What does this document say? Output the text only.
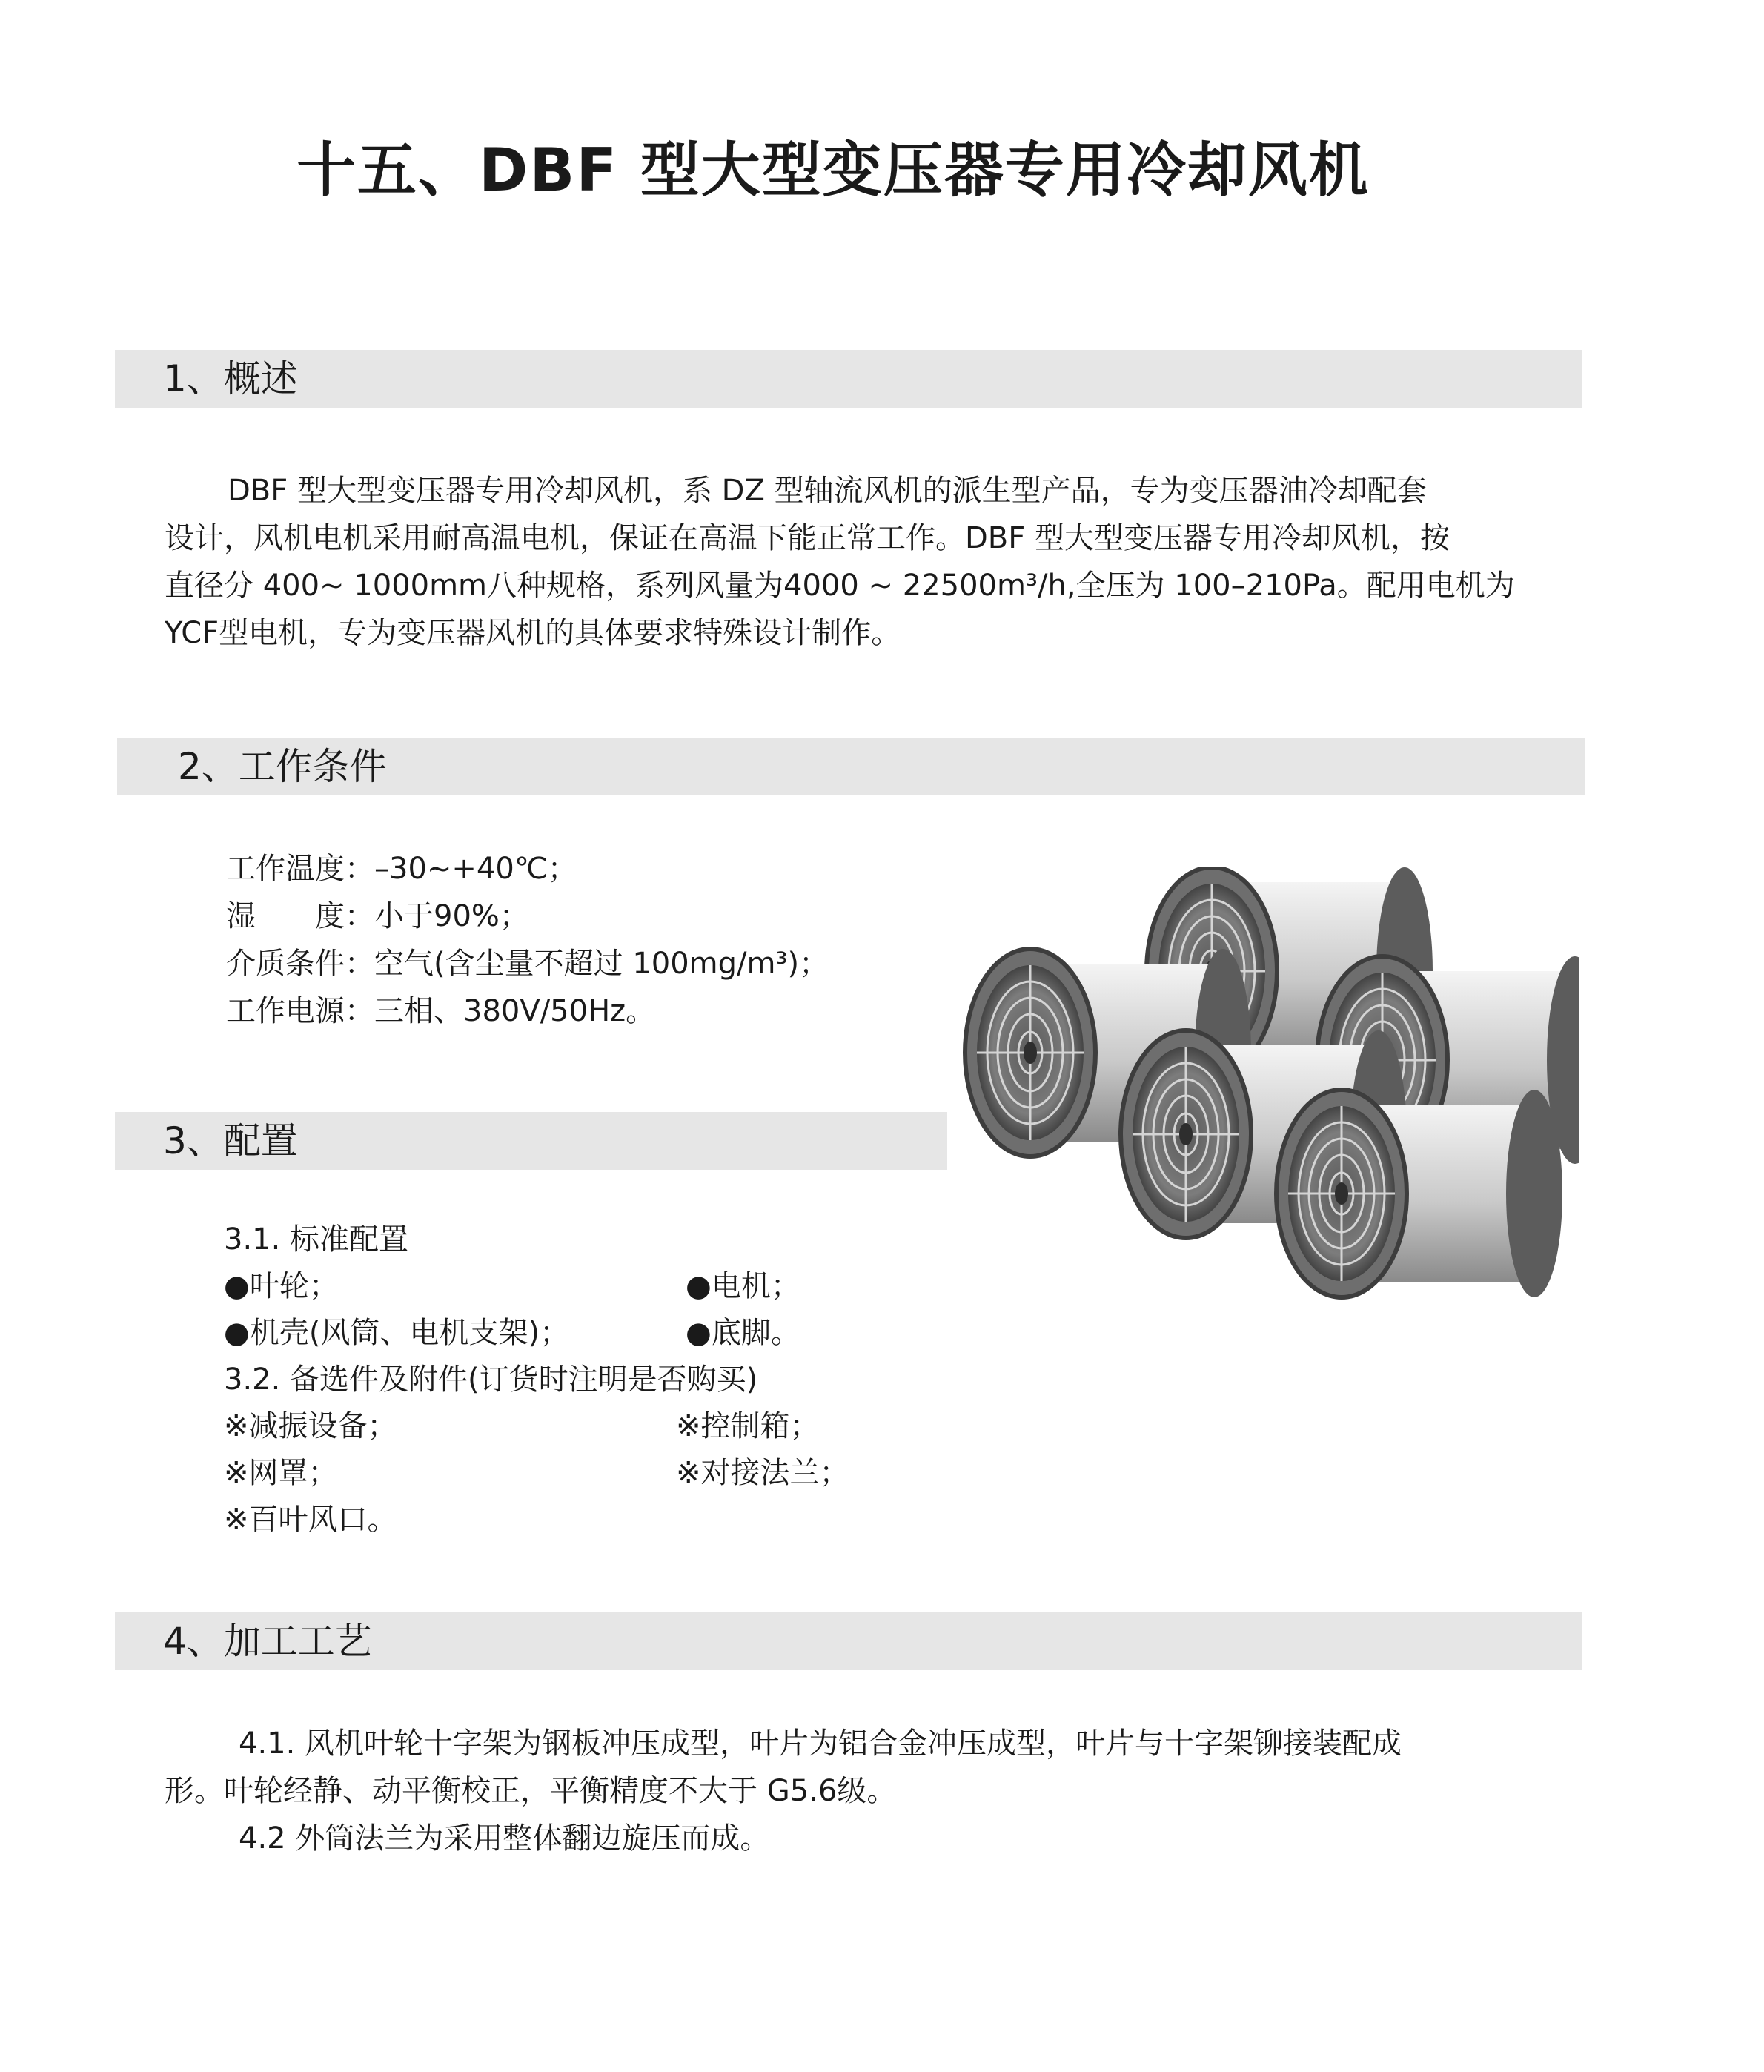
十五、DBF 型大型变压器专用冷却风机
1、概述
DBF 型大型变压器专用冷却风机，系 DZ 型轴流风机的派生型产品，专为变压器油冷却配套
设计，风机电机采用耐高温电机，保证在高温下能正常工作。DBF 型大型变压器专用冷却风机，按
直径分 400~ 1000mm八种规格，系列风量为4000 ~ 22500m³/h,全压为 100–210Pa。配用电机为
YCF型电机，专为变压器风机的具体要求特殊设计制作。
2、工作条件
工作温度：–30~+40℃；
湿　　度：小于90%；
介质条件：空气(含尘量不超过 100mg/m³)；
工作电源：三相、380V/50Hz。
3、配置
3.1. 标准配置
●叶轮；	●电机；
●机壳(风筒、电机支架)；	●底脚。
3.2. 备选件及附件(订货时注明是否购买)
※减振设备；	※控制箱；
※网罩；	※对接法兰；
※百叶风口。
4、加工工艺
4.1. 风机叶轮十字架为钢板冲压成型，叶片为铝合金冲压成型，叶片与十字架铆接装配成
形。叶轮经静、动平衡校正，平衡精度不大于 G5.6级。
4.2 外筒法兰为采用整体翻边旋压而成。
